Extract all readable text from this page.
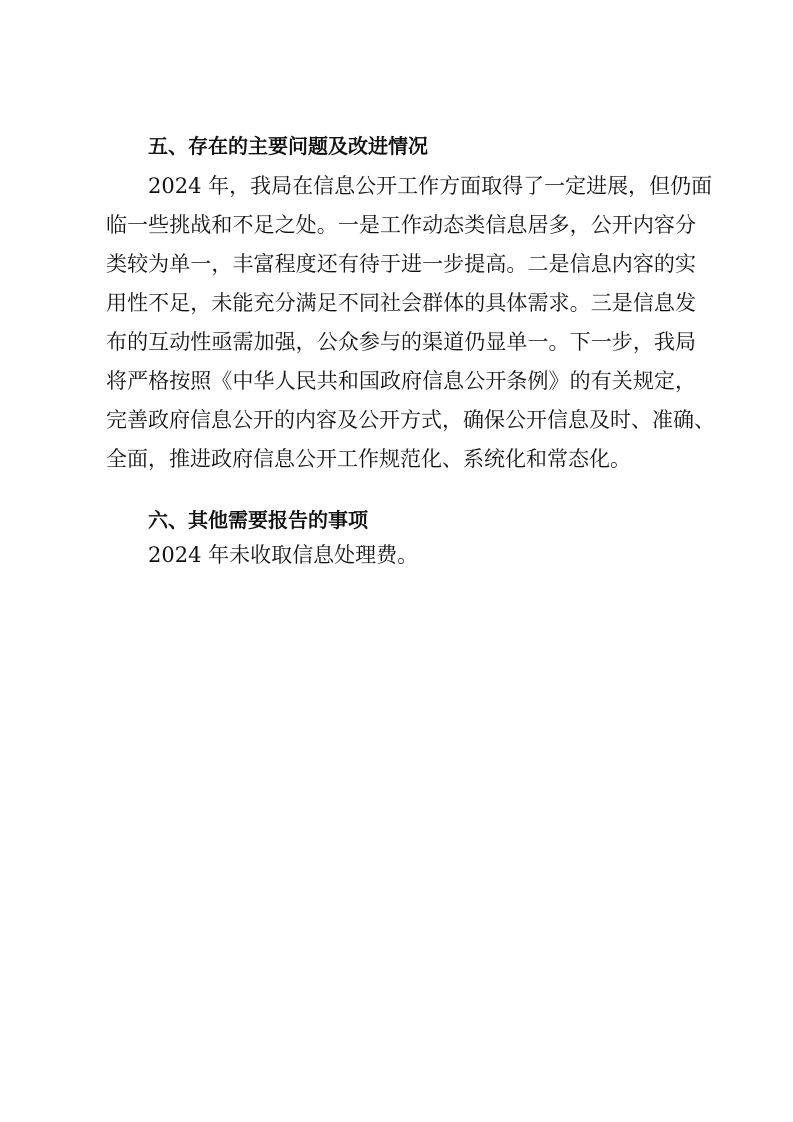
五、存在的主要问题及改进情况
2024 年，我局在信息公开工作方面取得了一定进展，但仍面
临一些挑战和不足之处。一是工作动态类信息居多，公开内容分
类较为单一，丰富程度还有待于进一步提高。二是信息内容的实
用性不足，未能充分满足不同社会群体的具体需求。三是信息发
布的互动性亟需加强，公众参与的渠道仍显单一。下一步，我局
将严格按照《中华人民共和国政府信息公开条例》的有关规定，
完善政府信息公开的内容及公开方式，确保公开信息及时、准确、
全面，推进政府信息公开工作规范化、系统化和常态化。
六、其他需要报告的事项
2024 年未收取信息处理费。
